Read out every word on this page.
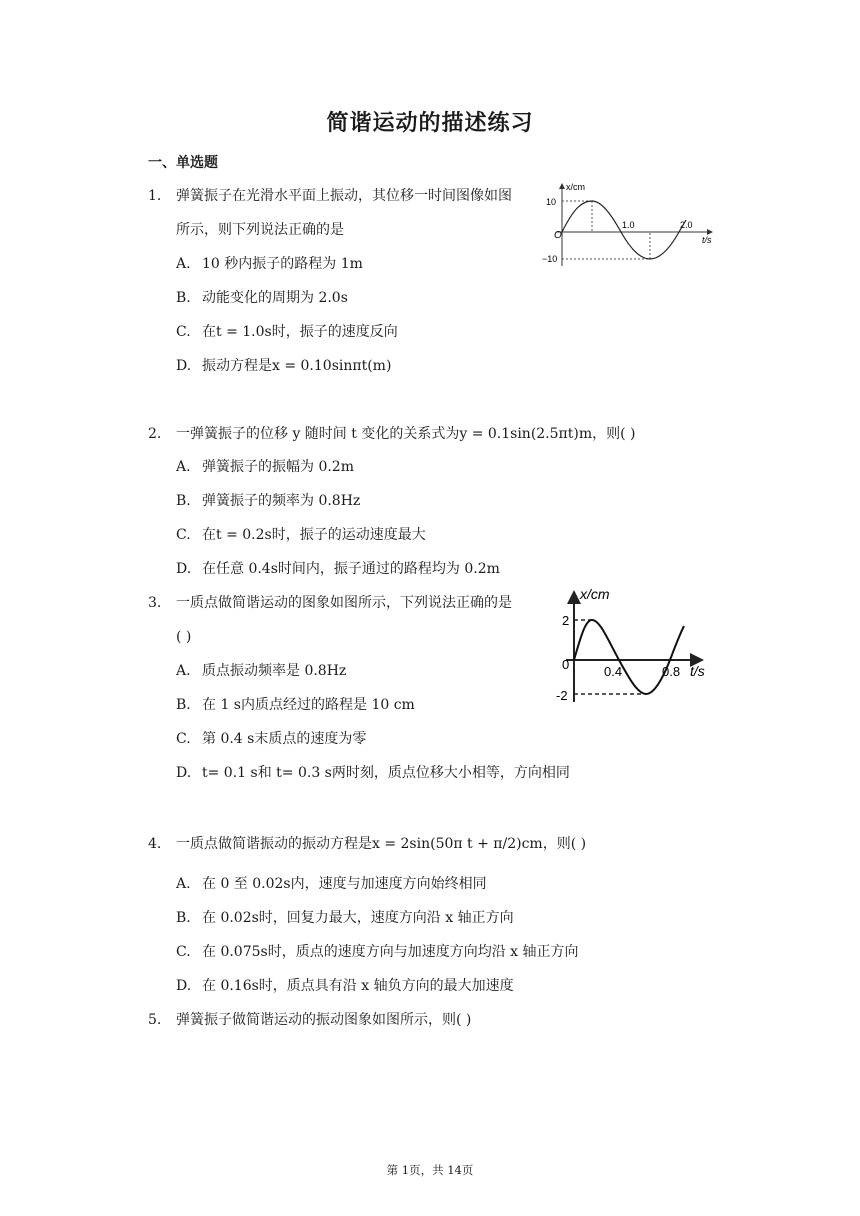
简谐运动的描述练习
一、单选题
1. 弹簧振子在光滑水平面上振动，其位移一时间图像如图
所示，则下列说法正确的是
A. 10 秒内振子的路程为 1m
B. 动能变化的周期为 2.0s
C. 在t = 1.0s时，振子的速度反向
D. 振动方程是x = 0.10sinπt(m)
x/cm
t/s
O
10
−10
1.0	2.0
2. 一弹簧振子的位移 y 随时间 t 变化的关系式为y = 0.1sin(2.5πt)m，则( )
A. 弹簧振子的振幅为 0.2m
B. 弹簧振子的频率为 0.8Hz
C. 在t = 0.2s时，振子的运动速度最大
D. 在任意 0.4s时间内，振子通过的路程均为 0.2m
3. 一质点做简谐运动的图象如图所示，下列说法正确的是
( )
A. 质点振动频率是 0.8Hz
B. 在 1 s内质点经过的路程是 10 cm
C. 第 0.4 s末质点的速度为零
D. t= 0.1 s和 t= 0.3 s两时刻，质点位移大小相等，方向相同
x/cm
t/s
0
2
-2
0.4	0.8
4. 一质点做简谐振动的振动方程是x = 2sin(50π t + π/2)cm，则( )
A. 在 0 至 0.02s内，速度与加速度方向始终相同
B. 在 0.02s时，回复力最大，速度方向沿 x 轴正方向
C. 在 0.075s时，质点的速度方向与加速度方向均沿 x 轴正方向
D. 在 0.16s时，质点具有沿 x 轴负方向的最大加速度
5. 弹簧振子做简谐运动的振动图象如图所示，则( )
第 1页，共 14页
